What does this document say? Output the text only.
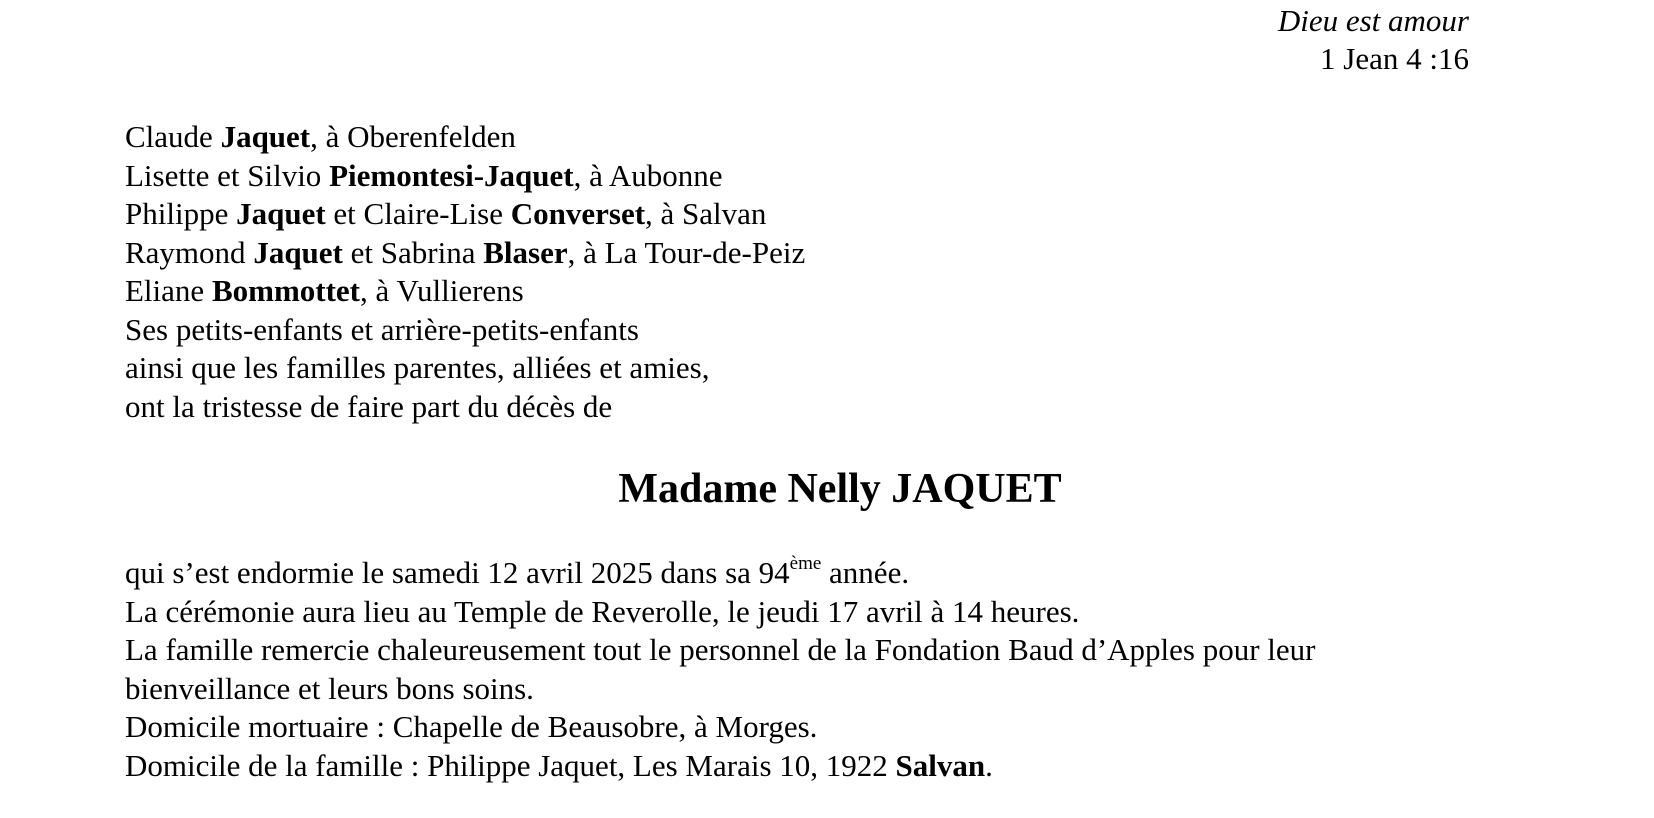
Dieu est amour
1 Jean 4 :16
Claude Jaquet, à Oberenfelden
Lisette et Silvio Piemontesi-Jaquet, à Aubonne
Philippe Jaquet et Claire-Lise Converset, à Salvan
Raymond Jaquet et Sabrina Blaser, à La Tour-de-Peiz
Eliane Bommottet, à Vullierens
Ses petits-enfants et arrière-petits-enfants
ainsi que les familles parentes, alliées et amies,
ont la tristesse de faire part du décès de
Madame Nelly JAQUET
qui s’est endormie le samedi 12 avril 2025 dans sa 94ème année.
La cérémonie aura lieu au Temple de Reverolle, le jeudi 17 avril à 14 heures.
La famille remercie chaleureusement tout le personnel de la Fondation Baud d’Apples pour leur
bienveillance et leurs bons soins.
Domicile mortuaire : Chapelle de Beausobre, à Morges.
Domicile de la famille : Philippe Jaquet, Les Marais 10, 1922 Salvan.
